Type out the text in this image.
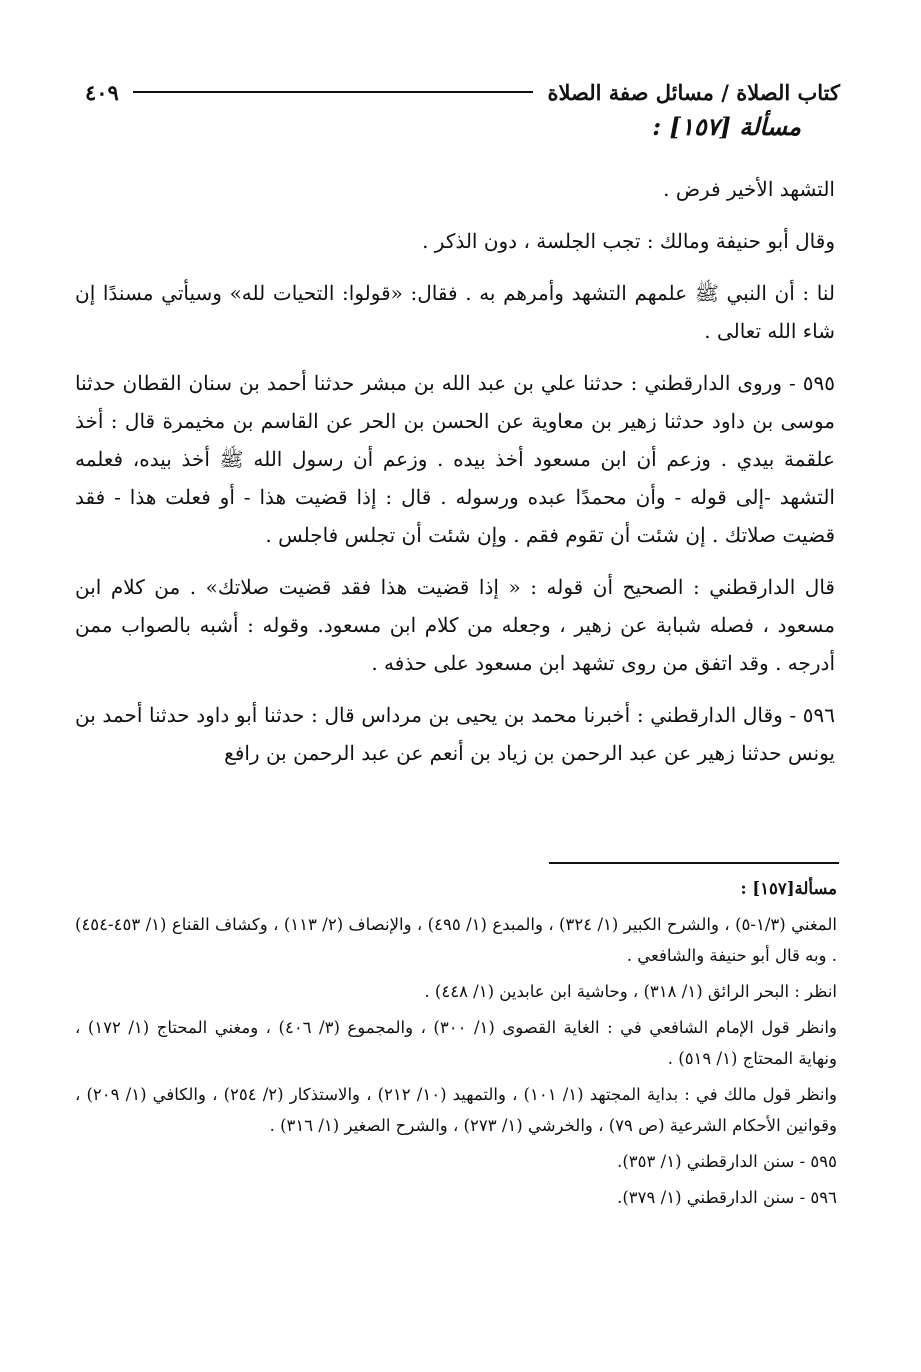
كتاب الصلاة / مسائل صفة الصلاة
٤٠٩
مسألة [١٥٧] :

التشهد الأخير فرض .

وقال أبو حنيفة ومالك : تجب الجلسة ، دون الذكر .

لنا : أن النبي ﷺ علمهم التشهد وأمرهم به . فقال: «قولوا: التحيات لله» وسيأتي مسندًا إن شاء الله تعالى .

٥٩٥ - وروى الدارقطني : حدثنا علي بن عبد الله بن مبشر حدثنا أحمد بن سنان القطان حدثنا موسى بن داود حدثنا زهير بن معاوية عن الحسن بن الحر عن القاسم بن مخيمرة قال : أخذ علقمة بيدي . وزعم أن ابن مسعود أخذ بيده . وزعم أن رسول الله ﷺ أخذ بيده، فعلمه التشهد -إلى قوله - وأن محمدًا عبده ورسوله . قال : إذا قضيت هذا - أو فعلت هذا - فقد قضيت صلاتك . إن شئت أن تقوم فقم . وإن شئت أن تجلس فاجلس .

قال الدارقطني : الصحيح أن قوله : « إذا قضيت هذا فقد قضيت صلاتك» . من كلام ابن مسعود ، فصله شبابة عن زهير ، وجعله من كلام ابن مسعود. وقوله : أشبه بالصواب ممن أدرجه . وقد اتفق من روى تشهد ابن مسعود على حذفه .

٥٩٦ - وقال الدارقطني : أخبرنا محمد بن يحيى بن مرداس قال : حدثنا أبو داود حدثنا أحمد بن يونس حدثنا زهير عن عبد الرحمن بن زياد بن أنعم عن عبد الرحمن بن رافع

مسألة[١٥٧] :

المغني (١/٣-٥) ، والشرح الكبير (١/ ٣٢٤) ، والمبدع (١/ ٤٩٥) ، والإنصاف (٢/ ١١٣) ، وكشاف القناع (١/ ٤٥٣-٤٥٤) . وبه قال أبو حنيفة والشافعي .

انظر : البحر الرائق (١/ ٣١٨) ، وحاشية ابن عابدين (١/ ٤٤٨) .

وانظر قول الإمام الشافعي في : الغاية القصوى (١/ ٣٠٠) ، والمجموع (٣/ ٤٠٦) ، ومغني المحتاج (١/ ١٧٢) ، ونهاية المحتاج (١/ ٥١٩) .

وانظر قول مالك في : بداية المجتهد (١/ ١٠١) ، والتمهيد (١٠/ ٢١٢) ، والاستذكار (٢/ ٢٥٤) ، والكافي (١/ ٢٠٩) ، وقوانين الأحكام الشرعية (ص ٧٩) ، والخرشي (١/ ٢٧٣) ، والشرح الصغير (١/ ٣١٦) .

٥٩٥ - سنن الدارقطني (١/ ٣٥٣).

٥٩٦ - سنن الدارقطني (١/ ٣٧٩).
